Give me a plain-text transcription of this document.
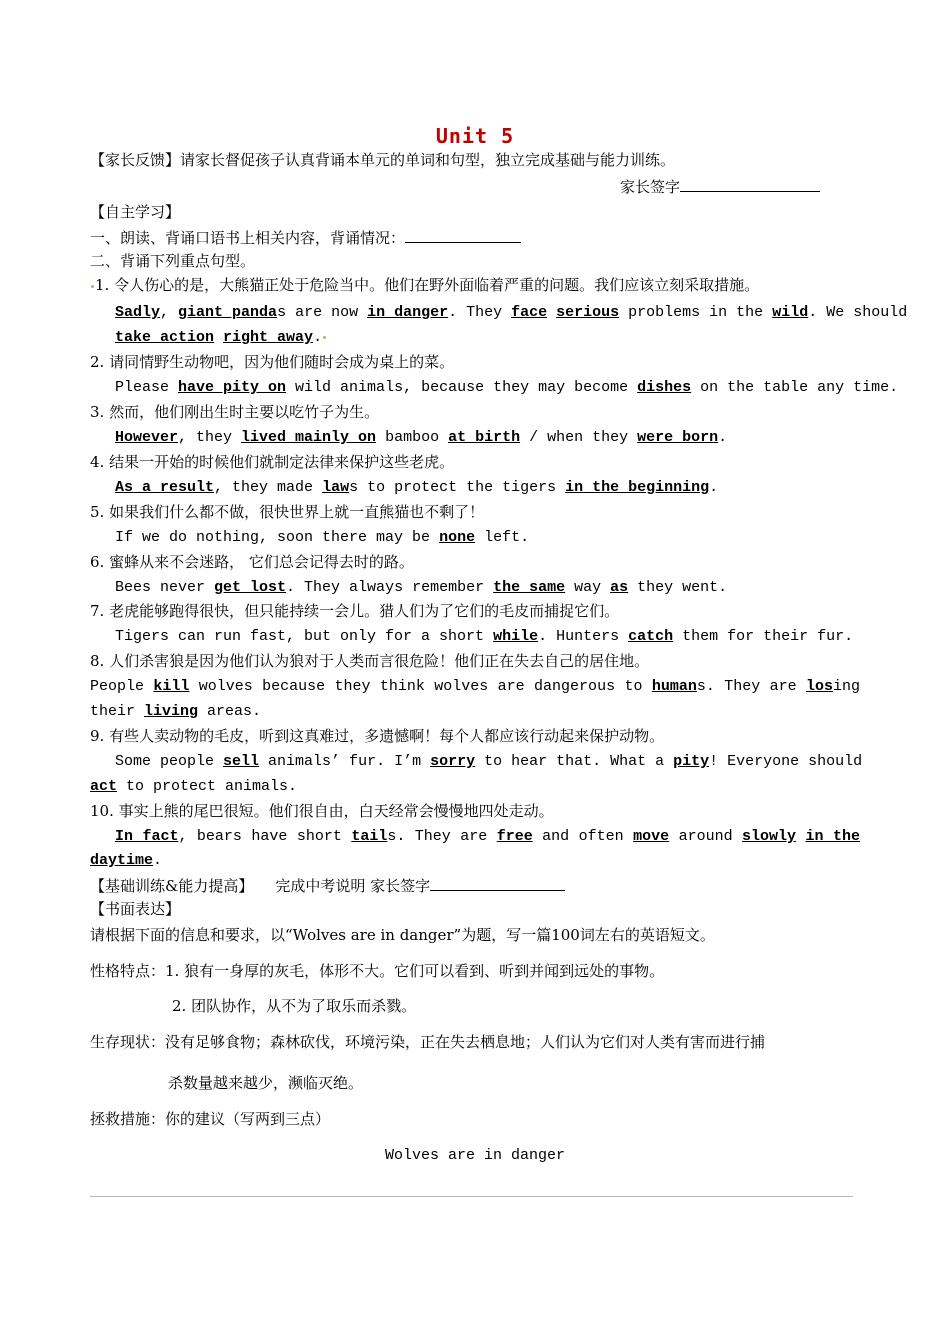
Unit 5
【家长反馈】请家长督促孩子认真背诵本单元的单词和句型，独立完成基础与能力训练。
家长签字
【自主学习】
一、朗读、背诵口语书上相关内容，背诵情况：
二、背诵下列重点句型。
1. 令人伤心的是，大熊猫正处于危险当中。他们在野外面临着严重的问题。我们应该立刻采取措施。
Sadly, giant pandas are now in danger. They face serious problems in the wild. We should
take action right away.
2. 请同情野生动物吧，因为他们随时会成为桌上的菜。
Please have pity on wild animals, because they may become dishes on the table any time.
3. 然而，他们刚出生时主要以吃竹子为生。
However, they lived mainly on bamboo at birth / when they were born.
4. 结果一开始的时候他们就制定法律来保护这些老虎。
As a result, they made laws to protect the tigers in the beginning.
5. 如果我们什么都不做，很快世界上就一直熊猫也不剩了！
If we do nothing, soon there may be none left.
6. 蜜蜂从来不会迷路， 它们总会记得去时的路。
Bees never get lost. They always remember the same way as they went.
7. 老虎能够跑得很快，但只能持续一会儿。猎人们为了它们的毛皮而捕捉它们。
Tigers can run fast, but only for a short while. Hunters catch them for their fur.
8. 人们杀害狼是因为他们认为狼对于人类而言很危险！他们正在失去自己的居住地。
People kill wolves because they think wolves are dangerous to humans. They are losing
their living areas.
9. 有些人卖动物的毛皮，听到这真难过，多遗憾啊！每个人都应该行动起来保护动物。
Some people sell animals’ fur. I’m sorry to hear that. What a pity! Everyone should
act to protect animals.
10. 事实上熊的尾巴很短。他们很自由，白天经常会慢慢地四处走动。
In fact, bears have short tails. They are free and often move around slowly in the
daytime.
【基础训练&能力提高】 完成中考说明 家长签字
【书面表达】
请根据下面的信息和要求，以“Wolves are in danger”为题，写一篇100词左右的英语短文。
性格特点：1. 狼有一身厚的灰毛，体形不大。它们可以看到、听到并闻到远处的事物。
2. 团队协作，从不为了取乐而杀戮。
生存现状：没有足够食物；森林砍伐，环境污染，正在失去栖息地；人们认为它们对人类有害而进行捕
杀数量越来越少，濒临灭绝。
拯救措施：你的建议（写两到三点）
Wolves are in danger
